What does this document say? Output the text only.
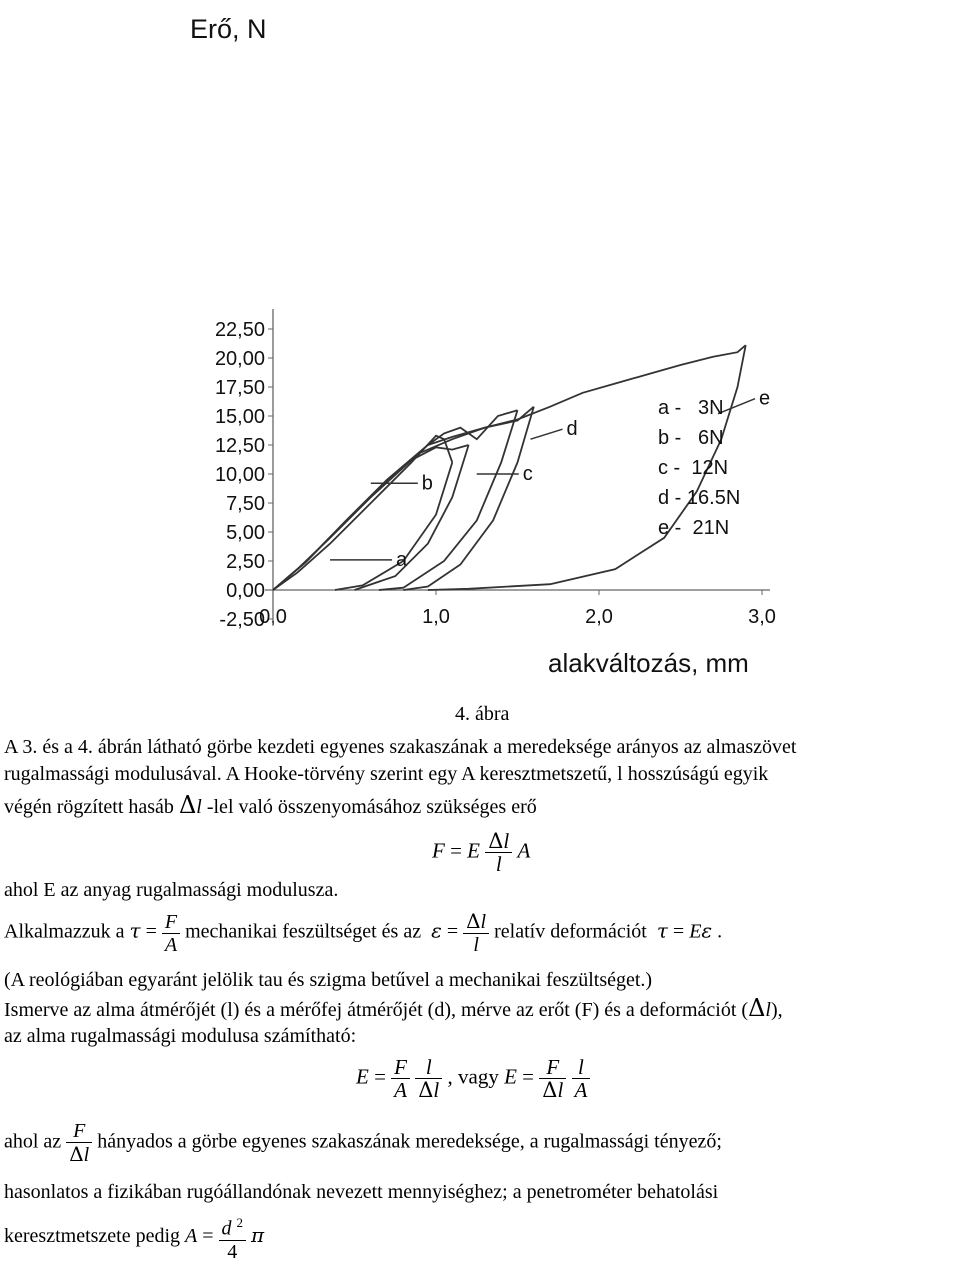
Erő, N
alakváltozás, mm
22,50
20,00
17,50
15,00
12,50
10,00
7,50
5,00
2,50
0,00
-2,50
0,0	1,0	2,0	3,0
a
b	c
d
e
a -   3N
b -   6N
c -  12N
d - 16.5N
e -  21N
4. ábra
A 3. és a 4. ábrán látható görbe kezdeti egyenes szakaszának a meredeksége arányos az almaszövet
rugalmassági modulusával. A Hooke-törvény szerint egy A keresztmetszetű, l hosszúságú egyik
végén rögzített hasáb Δl -lel való összenyomásához szükséges erő
F = E $\frac{\Delta l}{l}$ A
ahol E az anyag rugalmassági modulusza.
Alkalmazzuk a $\tau = \frac{F}{A}$ mechanikai feszültséget és az $\varepsilon = \frac{\Delta l}{l}$ relatív deformációt τ = Eε .
(A reológiában egyaránt jelölik tau és szigma betűvel a mechanikai feszültséget.)
Ismerve az alma átmérőjét (l) és a mérőfej átmérőjét (d), mérve az erőt (F) és a deformációt (Δl),
az alma rugalmassági modulusa számítható:
$E = \frac{F}{A}$
$\frac{l}{\Delta l}$ , vagy $E = \frac{F}{\Delta l}$
$\frac{l}{A}$
ahol az $\frac{F}{\Delta l}$ hányados a görbe egyenes szakaszának meredeksége, a rugalmassági tényező;
hasonlatos a fizikában rugóállandónak nevezett mennyiséghez; a penetrométer behatolási
keresztmetszete pedig $A = \frac{d ^2}{4}$ π
